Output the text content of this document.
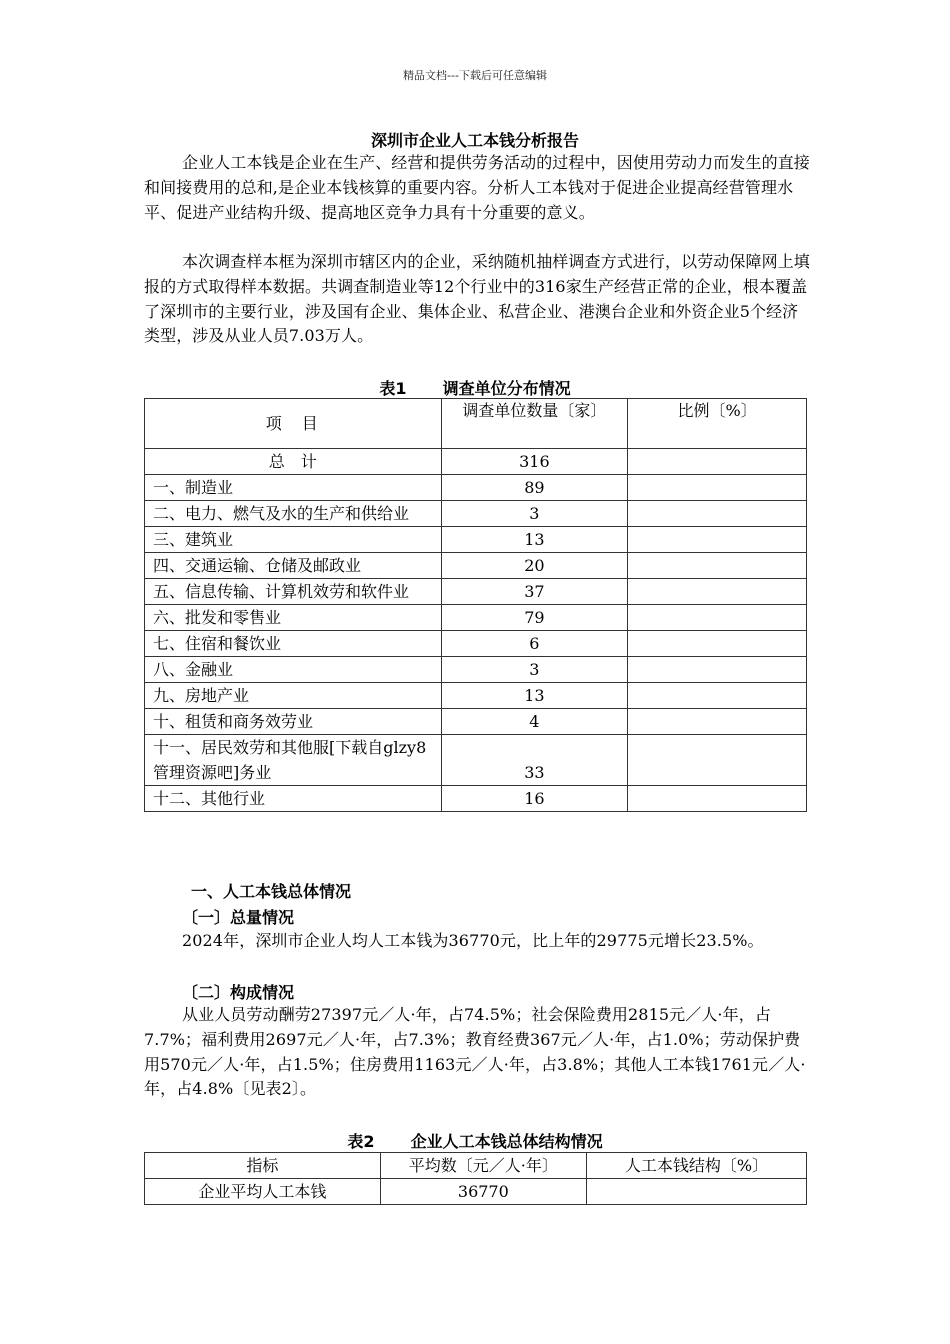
精品文档---下载后可任意编辑
深圳市企业人工本钱分析报告

企业人工本钱是企业在生产、经营和提供劳务活动的过程中，因使用劳动力而发生的直接和间接费用的总和,是企业本钱核算的重要内容。分析人工本钱对于促进企业提高经营管理水平、促进产业结构升级、提高地区竞争力具有十分重要的意义。

本次调查样本框为深圳市辖区内的企业，采纳随机抽样调查方式进行，以劳动保障网上填报的方式取得样本数据。共调查制造业等12个行业中的316家生产经营正常的企业，根本覆盖了深圳市的主要行业，涉及国有企业、集体企业、私营企业、港澳台企业和外资企业5个经济类型，涉及从业人员7.03万人。

表1 调查单位分布情况
项　目	调查单位数量〔家〕	比例〔%〕
总　计	316	
一、制造业	89	
二、电力、燃气及水的生产和供给业	3	
三、建筑业	13	
四、交通运输、仓储及邮政业	20	
五、信息传输、计算机效劳和软件业	37	
六、批发和零售业	79	
七、住宿和餐饮业	6	
八、金融业	3	
九、房地产业	13	
十、租赁和商务效劳业	4	
十一、居民效劳和其他服[下载自glzy8　　管理资源吧]务业	33	
十二、其他行业	16	

一、人工本钱总体情况

〔一〕总量情况

2024年，深圳市企业人均人工本钱为36770元，比上年的29775元增长23.5%。

〔二〕构成情况

从业人员劳动酬劳27397元／人·年，占74.5%；社会保险费用2815元／人·年，占7.7%；福利费用2697元／人·年，占7.3%；教育经费367元／人·年，占1.0%；劳动保护费用570元／人·年，占1.5%；住房费用1163元／人·年，占3.8%；其他人工本钱1761元／人·年，占4.8%〔见表2〕。

表2 企业人工本钱总体结构情况
指标	平均数〔元／人·年〕	人工本钱结构〔%〕
企业平均人工本钱	36770	
